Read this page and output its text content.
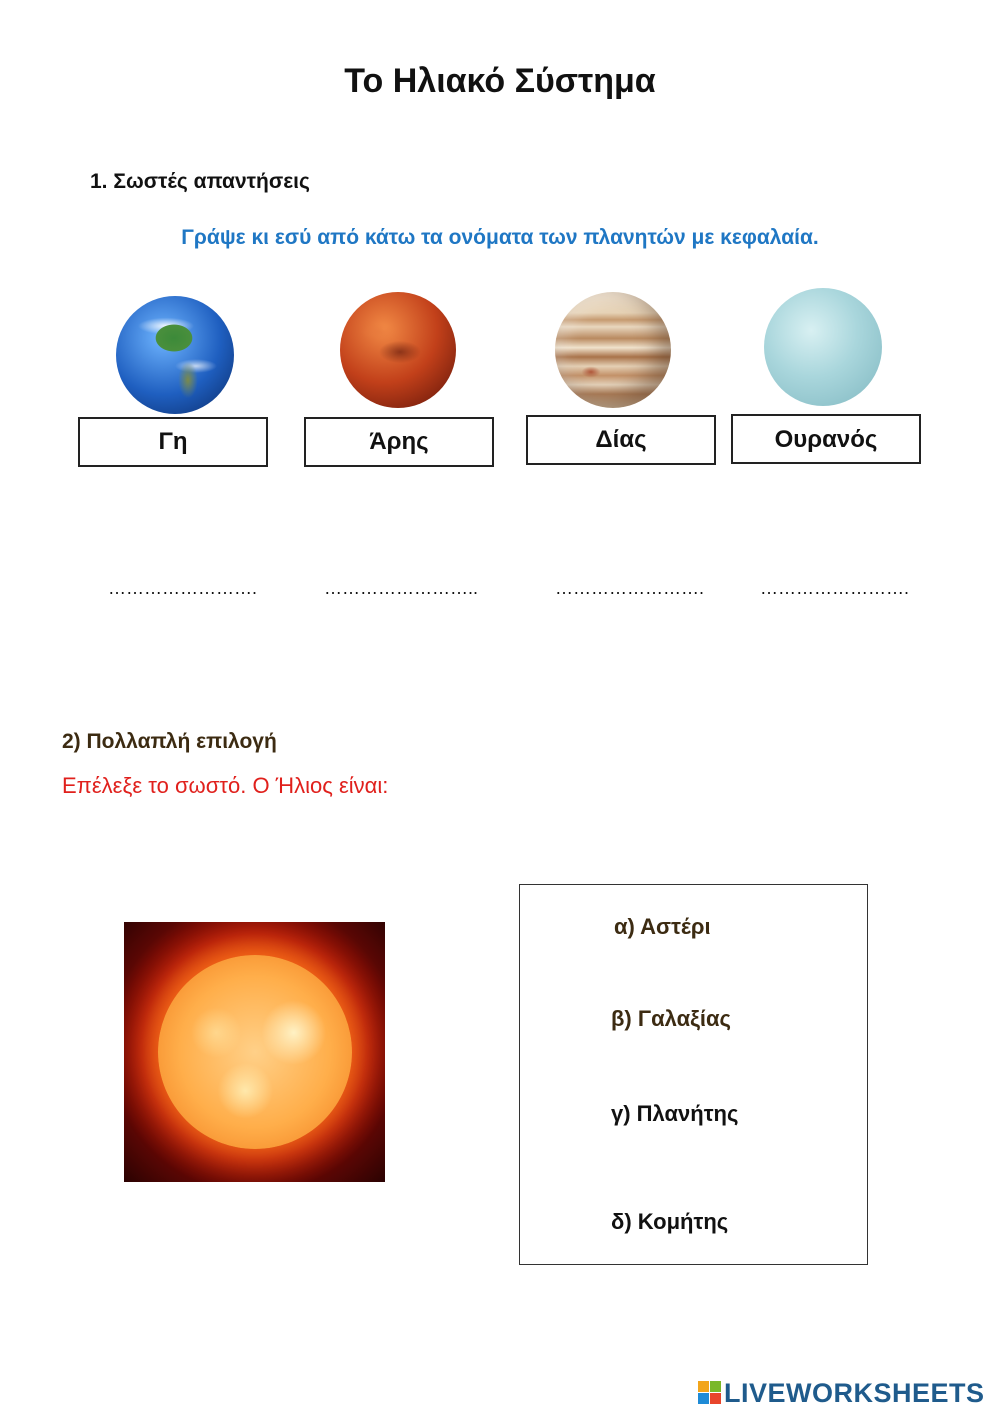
Το Ηλιακό Σύστημα
1. Σωστές απαντήσεις
Γράψε κι εσύ από κάτω τα ονόματα των πλανητών με κεφαλαία.
Γη	Άρης	Δίας	Ουρανός
…………………….	……………………..	…………………….	…………………….
2) Πολλαπλή επιλογή
Επέλεξε το σωστό. Ο Ήλιος είναι:
α) Αστέρι
β) Γαλαξίας
γ) Πλανήτης
δ) Κομήτης
LIVEWORKSHEETS
